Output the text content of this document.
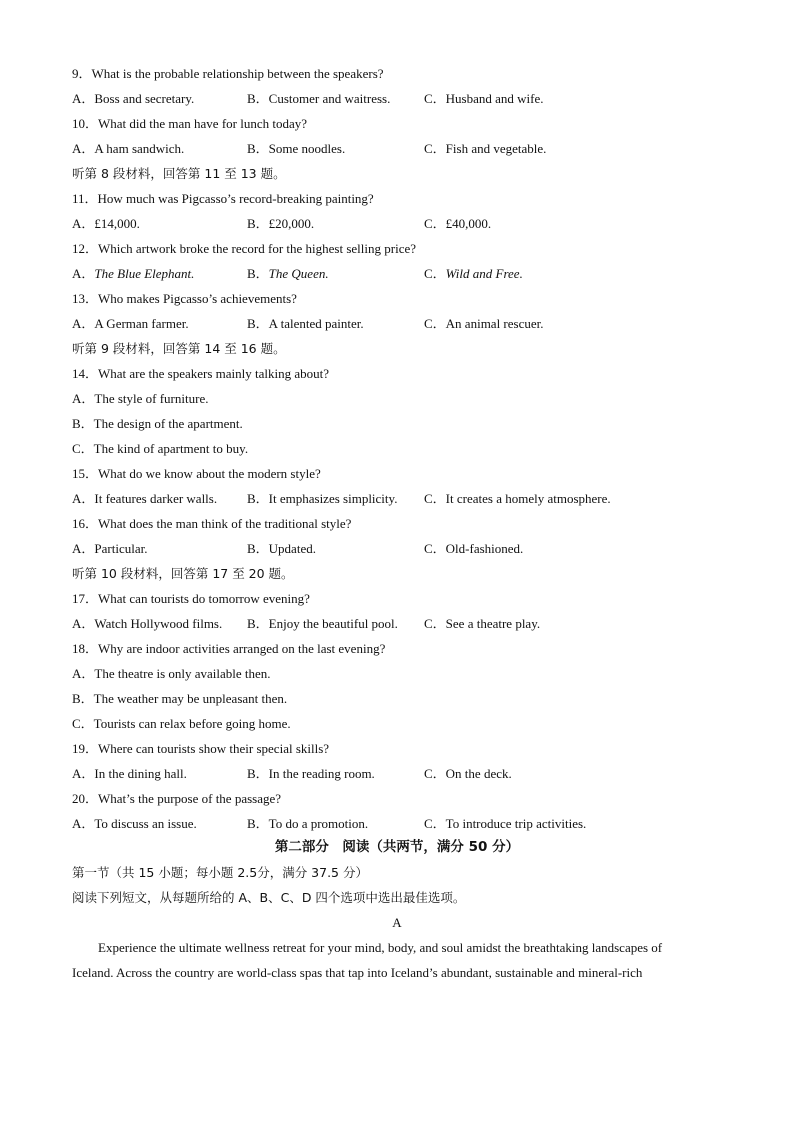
9．What is the probable relationship between the speakers?
A．Boss and secretary.	B．Customer and waitress.	C．Husband and wife.
10．What did the man have for lunch today?
A．A ham sandwich.	B．Some noodles.	C．Fish and vegetable.
听第 8 段材料，回答第 11 至 13 题。
11．How much was Pigcasso’s record-breaking painting?
A．£14,000.	B．£20,000.	C．£40,000.
12．Which artwork broke the record for the highest selling price?
A．The Blue Elephant.	B．The Queen.	C．Wild and Free.
13．Who makes Pigcasso’s achievements?
A．A German farmer.	B．A talented painter.	C．An animal rescuer.
听第 9 段材料，回答第 14 至 16 题。
14．What are the speakers mainly talking about?
A．The style of furniture.
B．The design of the apartment.
C．The kind of apartment to buy.
15．What do we know about the modern style?
A．It features darker walls. B．It emphasizes simplicity. C．It creates a homely atmosphere.
16．What does the man think of the traditional style?
A．Particular.	B．Updated.	C．Old-fashioned.
听第 10 段材料，回答第 17 至 20 题。
17．What can tourists do tomorrow evening?
A．Watch Hollywood films. B．Enjoy the beautiful pool. C．See a theatre play.
18．Why are indoor activities arranged on the last evening?
A．The theatre is only available then.
B．The weather may be unpleasant then.
C．Tourists can relax before going home.
19．Where can tourists show their special skills?
A．In the dining hall.	B．In the reading room.	C．On the deck.
20．What’s the purpose of the passage?
A．To discuss an issue.	B．To do a promotion.	C．To introduce trip activities.
第二部分　阅读（共两节，满分 50 分）
第一节（共 15 小题；每小题 2.5分，满分 37.5 分）
阅读下列短文，从每题所给的 A、B、C、D 四个选项中选出最佳选项。
A
Experience the ultimate wellness retreat for your mind, body, and soul amidst the breathtaking landscapes of
Iceland. Across the country are world-class spas that tap into Iceland’s abundant, sustainable and mineral-rich
